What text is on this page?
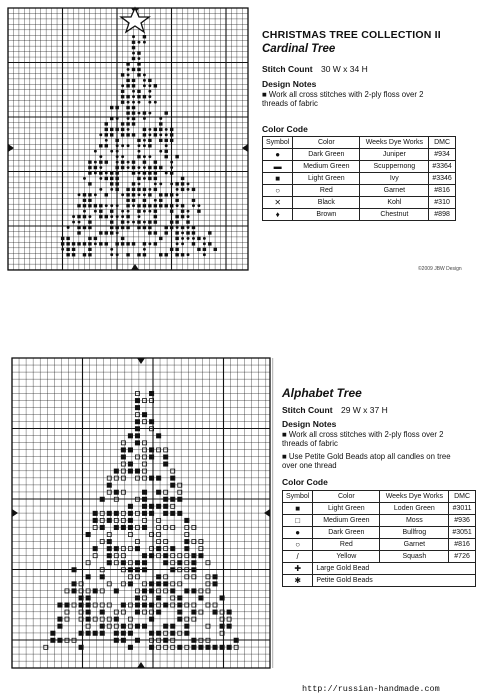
CHRISTMAS TREE COLLECTION II
Cardinal Tree
Stitch Count 30 W x 34 H
Design Notes
■ Work all cross stitches with 2-ply floss over 2 threads of fabric
Color Code
Symbol	Color	Weeks Dye Works	DMC
●	Dark Green	Juniper	#934
▬	Medium Green	Scuppernong	#3364
■	Light Green	Ivy	#3346
○	Red	Garnet	#816
✕	Black	Kohl	#310
♦	Brown	Chestnut	#898
©2009 JBW Design
Alphabet Tree
Stitch Count 29 W x 37 H
Design Notes
■ Work all cross stitches with 2-ply floss over 2 threads of fabric
■ Use Petite Gold Beads atop all candles on tree over one thread
Color Code
Symbol	Color	Weeks Dye Works	DMC
■	Light Green	Loden Green	#3011
□	Medium Green	Moss	#936
●	Dark Green	Bullfrog	#3051
○	Red	Garnet	#816
/	Yellow	Squash	#726
✚	Large Gold Bead		
✱	Petite Gold Beads		
http://russian-handmade.com
